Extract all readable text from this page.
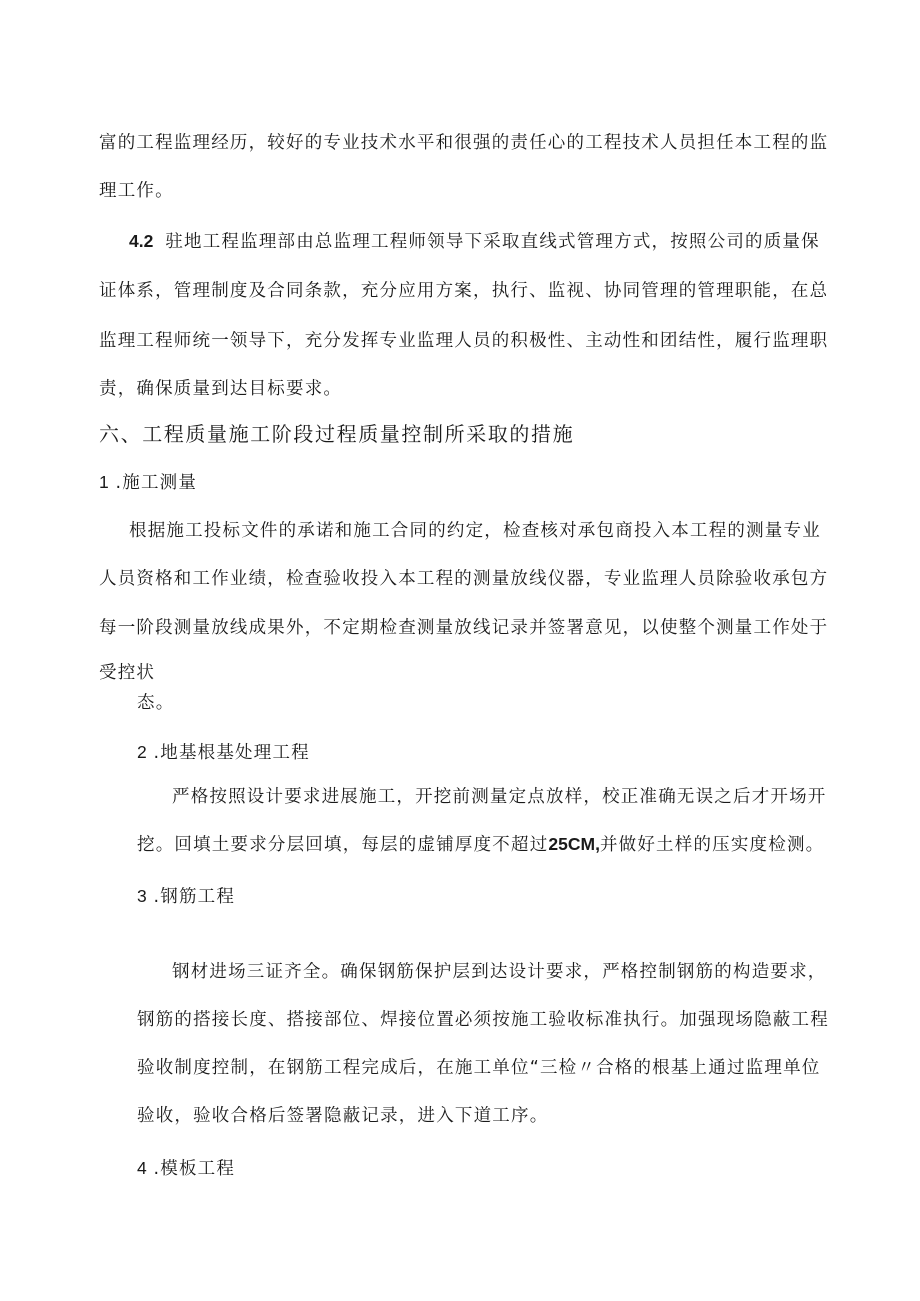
富的工程监理经历，较好的专业技术水平和很强的责任心的工程技术人员担任本工程的监
理工作。
4.2 驻地工程监理部由总监理工程师领导下采取直线式管理方式，按照公司的质量保
证体系，管理制度及合同条款，充分应用方案，执行、监视、协同管理的管理职能，在总
监理工程师统一领导下，充分发挥专业监理人员的积极性、主动性和团结性，履行监理职
责，确保质量到达目标要求。
六、工程质量施工阶段过程质量控制所采取的措施
1 .施工测量
根据施工投标文件的承诺和施工合同的约定，检查核对承包商投入本工程的测量专业
人员资格和工作业绩，检查验收投入本工程的测量放线仪器，专业监理人员除验收承包方
每一阶段测量放线成果外，不定期检查测量放线记录并签署意见，以使整个测量工作处于
受控状
态。
2 .地基根基处理工程
严格按照设计要求进展施工，开挖前测量定点放样，校正准确无误之后才开场开
挖。回填土要求分层回填，每层的虚铺厚度不超过25CM,并做好土样的压实度检测。
3 .钢筋工程
钢材进场三证齐全。确保钢筋保护层到达设计要求，严格控制钢筋的构造要求，
钢筋的搭接长度、搭接部位、焊接位置必须按施工验收标准执行。加强现场隐蔽工程
验收制度控制，在钢筋工程完成后，在施工单位“三检〃合格的根基上通过监理单位
验收，验收合格后签署隐蔽记录，进入下道工序。
4 .模板工程
